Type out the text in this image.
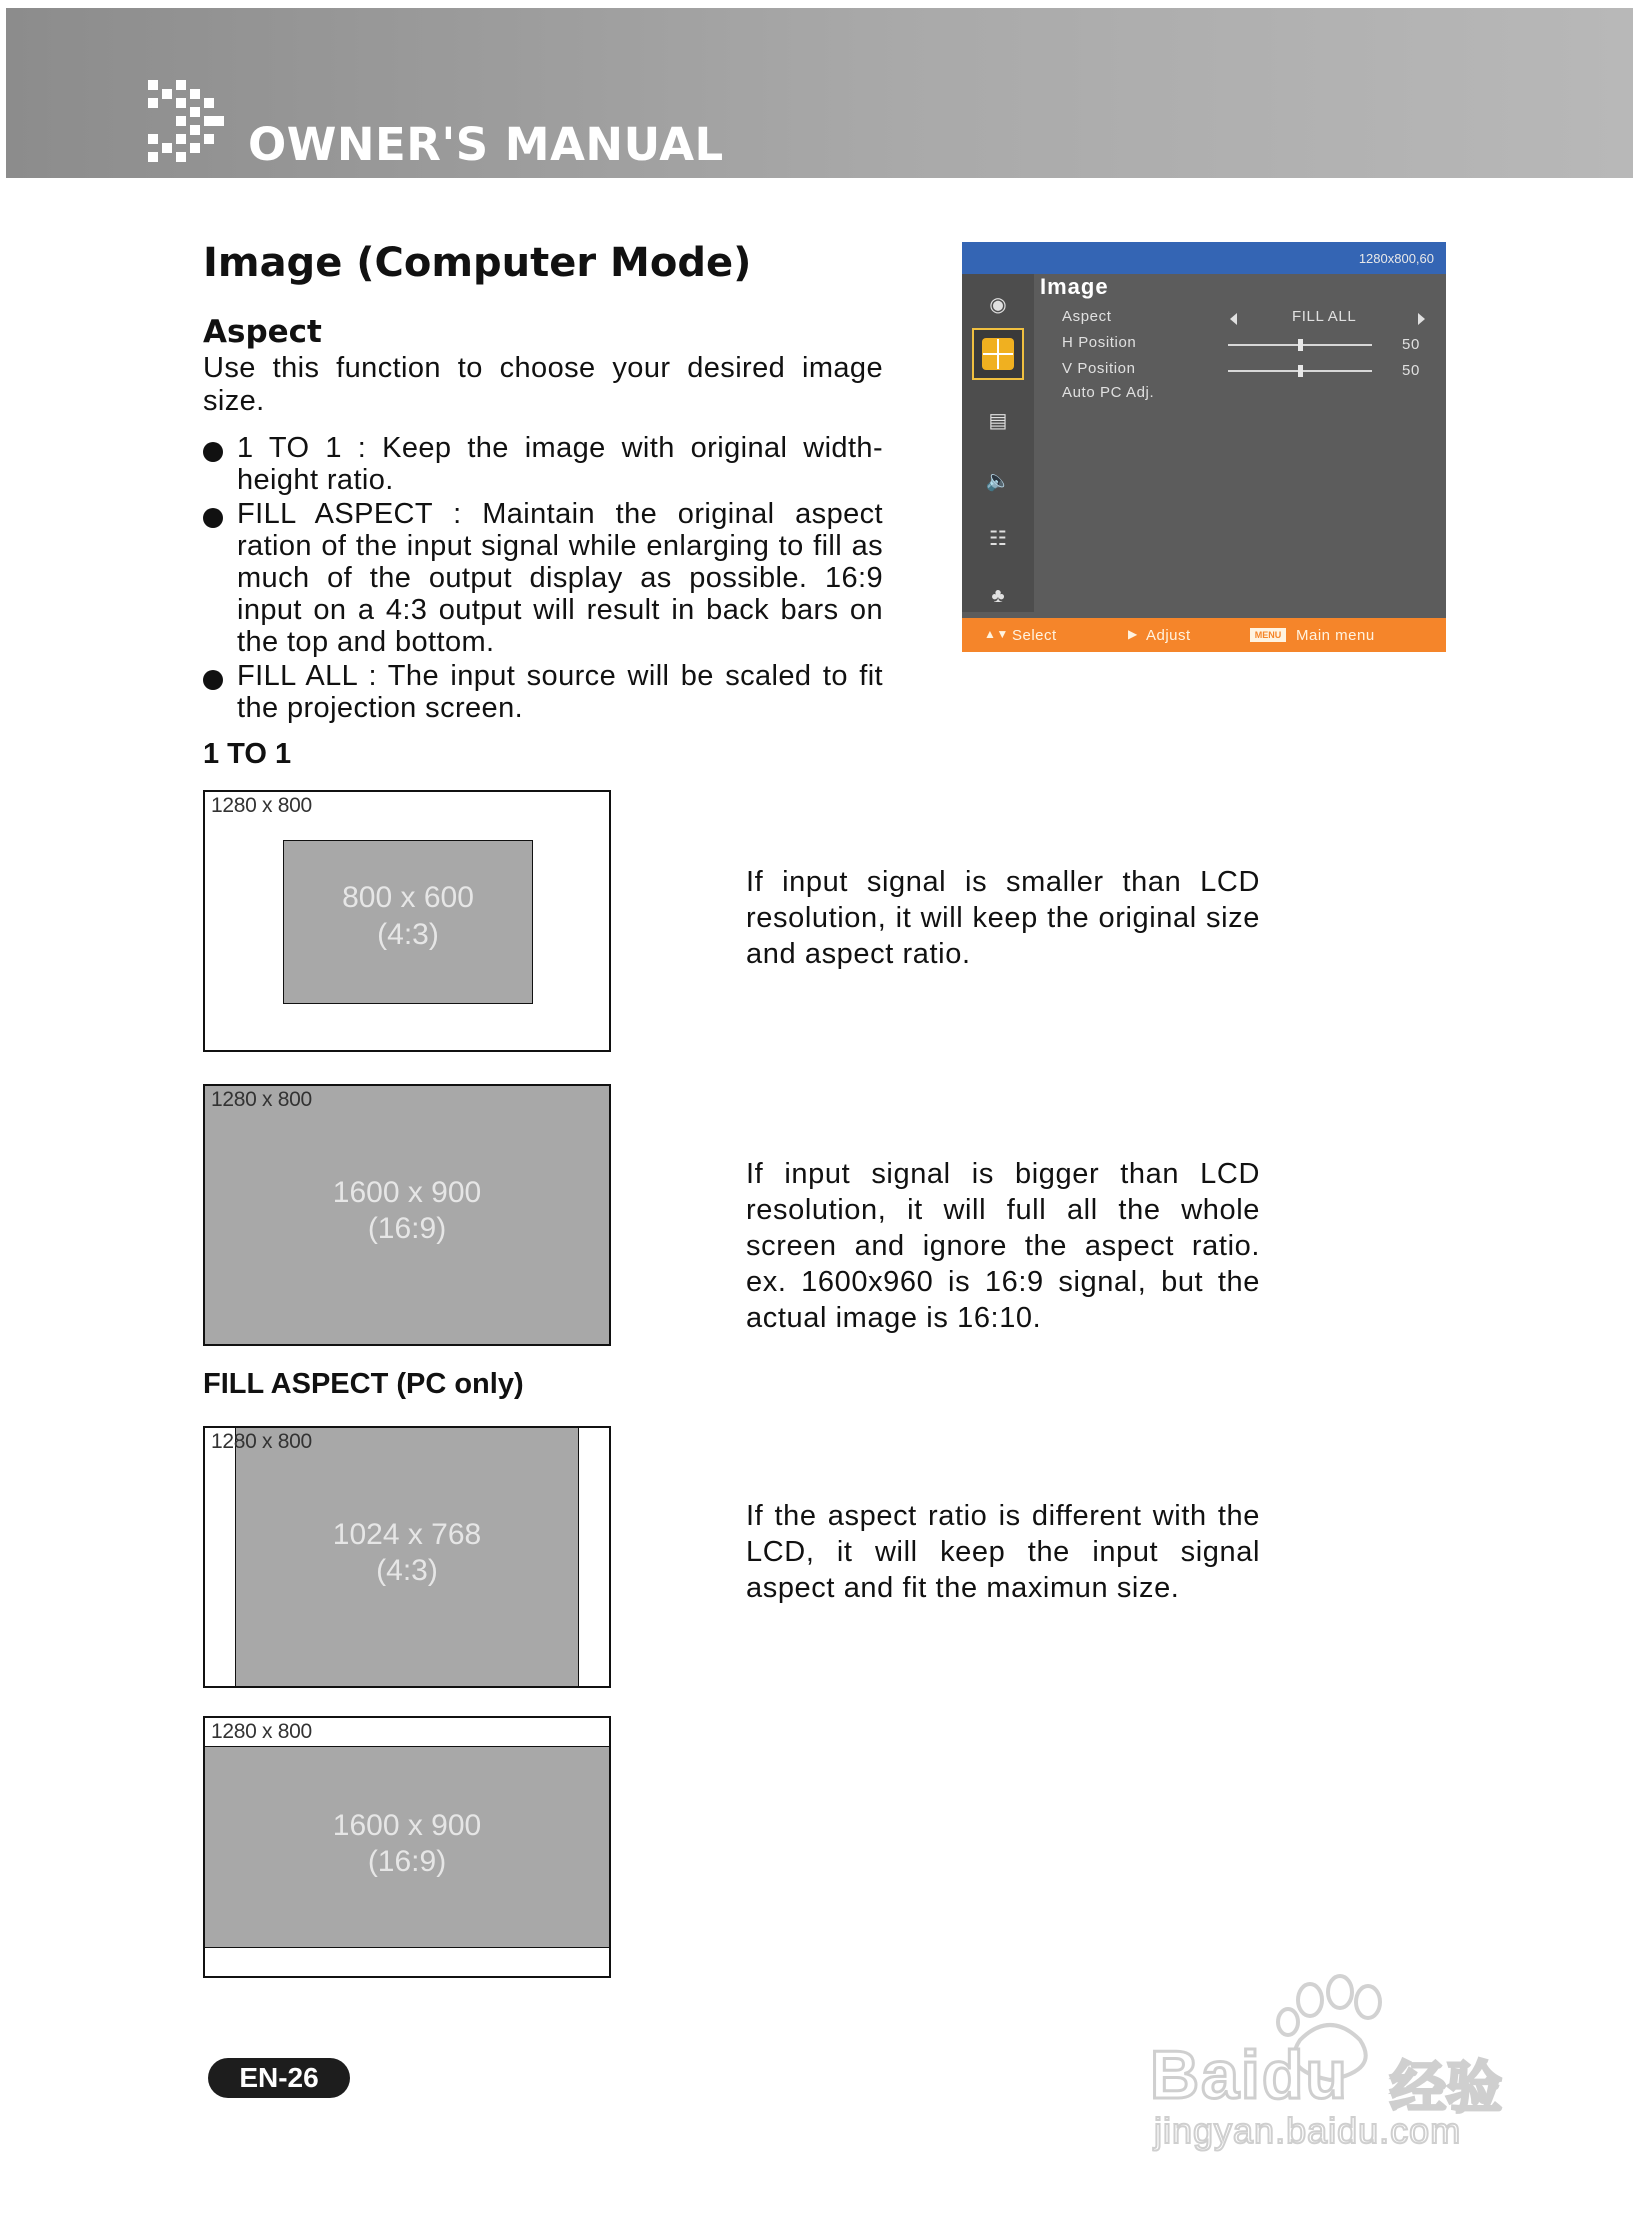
OWNER'S MANUAL
Image (Computer Mode)
Aspect
Use this function to choose your desired image size.
1 TO 1 : Keep the image with original width-height ratio.
FILL ASPECT : Maintain the original aspect ration of the input signal while enlarging to fill as much of the output display as possible. 16:9 input on a 4:3 output will result in back bars on the top and bottom.
FILL ALL : The input source will be scaled to fit the projection screen.
1280x800,60
◉
▤
🔈
☷
♣
Image
Aspect	FILL ALL
H Position	50
V Position	50
Auto PC Adj.
▲▼ Select	▶ Adjust	MENU Main menu
1 TO 1
1280 x 800
800 x 600
(4:3)
If input signal is smaller than LCD resolution, it will keep the original size and aspect ratio.
1280 x 800
1600 x 900
(16:9)
If input signal is bigger than LCD resolution, it will full all the whole screen and ignore the aspect ratio. ex. 1600x960 is 16:9 signal, but the actual image is 16:10.
FILL ASPECT (PC only)
1024 x 768
(4:3)
1280 x 800
If the aspect ratio is different with the LCD, it will keep the input signal aspect and fit the maximun size.
1280 x 800
1600 x 900
(16:9)
EN-26	Baidu 经验
jingyan.baidu.com
